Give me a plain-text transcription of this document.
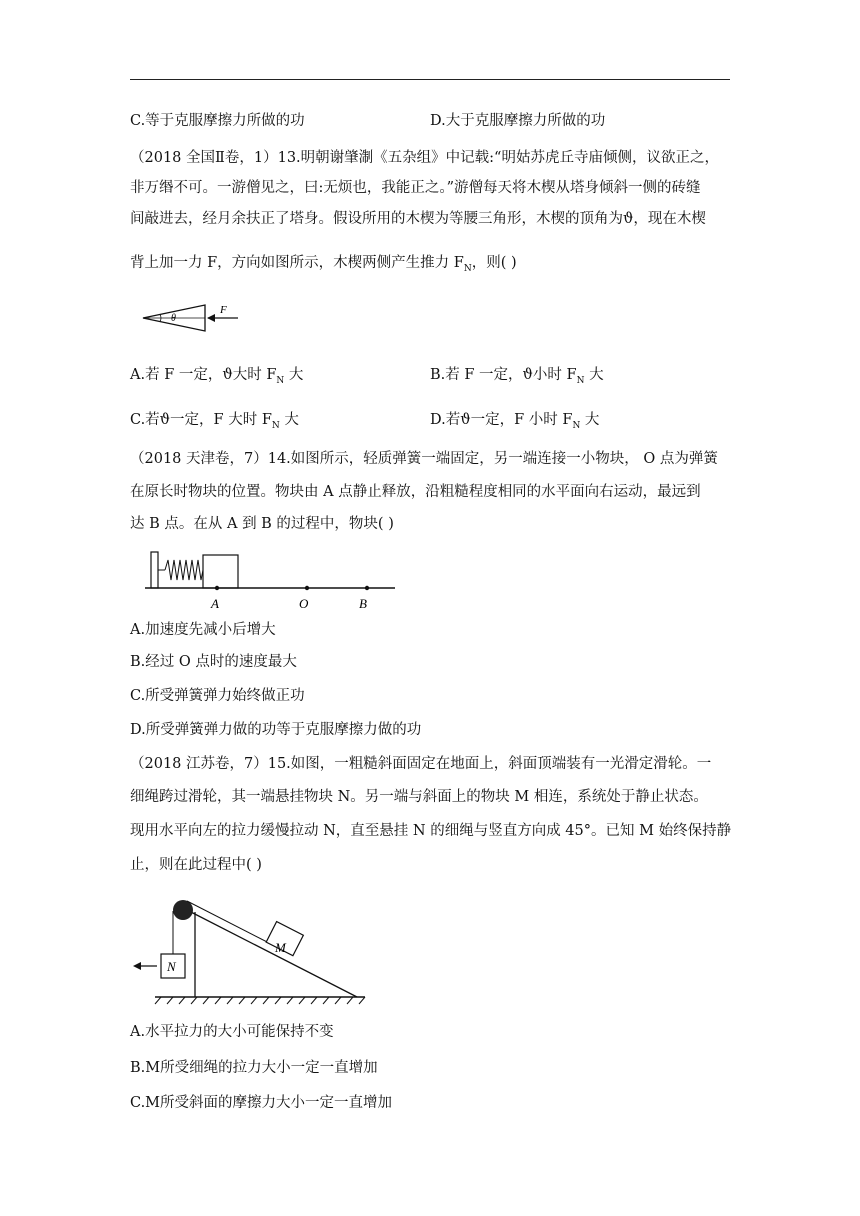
C.等于克服摩擦力所做的功	D.大于克服摩擦力所做的功
（2018 全国Ⅱ卷，1）13.明朝谢肇淛《五杂组》中记载:“明姑苏虎丘寺庙倾侧，议欲正之，
非万缗不可。一游僧见之，曰:无烦也，我能正之。”游僧每天将木楔从塔身倾斜一侧的砖缝
间敲进去，经月余扶正了塔身。假设所用的木楔为等腰三角形，木楔的顶角为ϑ，现在木楔
背上加一力 F，方向如图所示，木楔两侧产生推力 $F_N$，则( )
θ
F
A.若 F 一定，ϑ大时 $F_N$ 大	B.若 F 一定，ϑ小时 $F_N$ 大
C.若ϑ一定，F 大时 $F_N$ 大	D.若ϑ一定，F 小时 $F_N$ 大
（2018 天津卷，7）14.如图所示，轻质弹簧一端固定，另一端连接一小物块， O 点为弹簧
在原长时物块的位置。物块由 A 点静止释放，沿粗糙程度相同的水平面向右运动，最远到
达 B 点。在从 A 到 B 的过程中，物块( )
A	O	B
A.加速度先减小后增大
B.经过 O 点时的速度最大
C.所受弹簧弹力始终做正功
D.所受弹簧弹力做的功等于克服摩擦力做的功
（2018 江苏卷，7）15.如图，一粗糙斜面固定在地面上，斜面顶端装有一光滑定滑轮。一
细绳跨过滑轮，其一端悬挂物块 N。另一端与斜面上的物块 M 相连，系统处于静止状态。
现用水平向左的拉力缓慢拉动 N，直至悬挂 N 的细绳与竖直方向成 45°。已知 M 始终保持静
止，则在此过程中( )
M
N
A.水平拉力的大小可能保持不变
B.M所受细绳的拉力大小一定一直增加
C.M所受斜面的摩擦力大小一定一直增加
